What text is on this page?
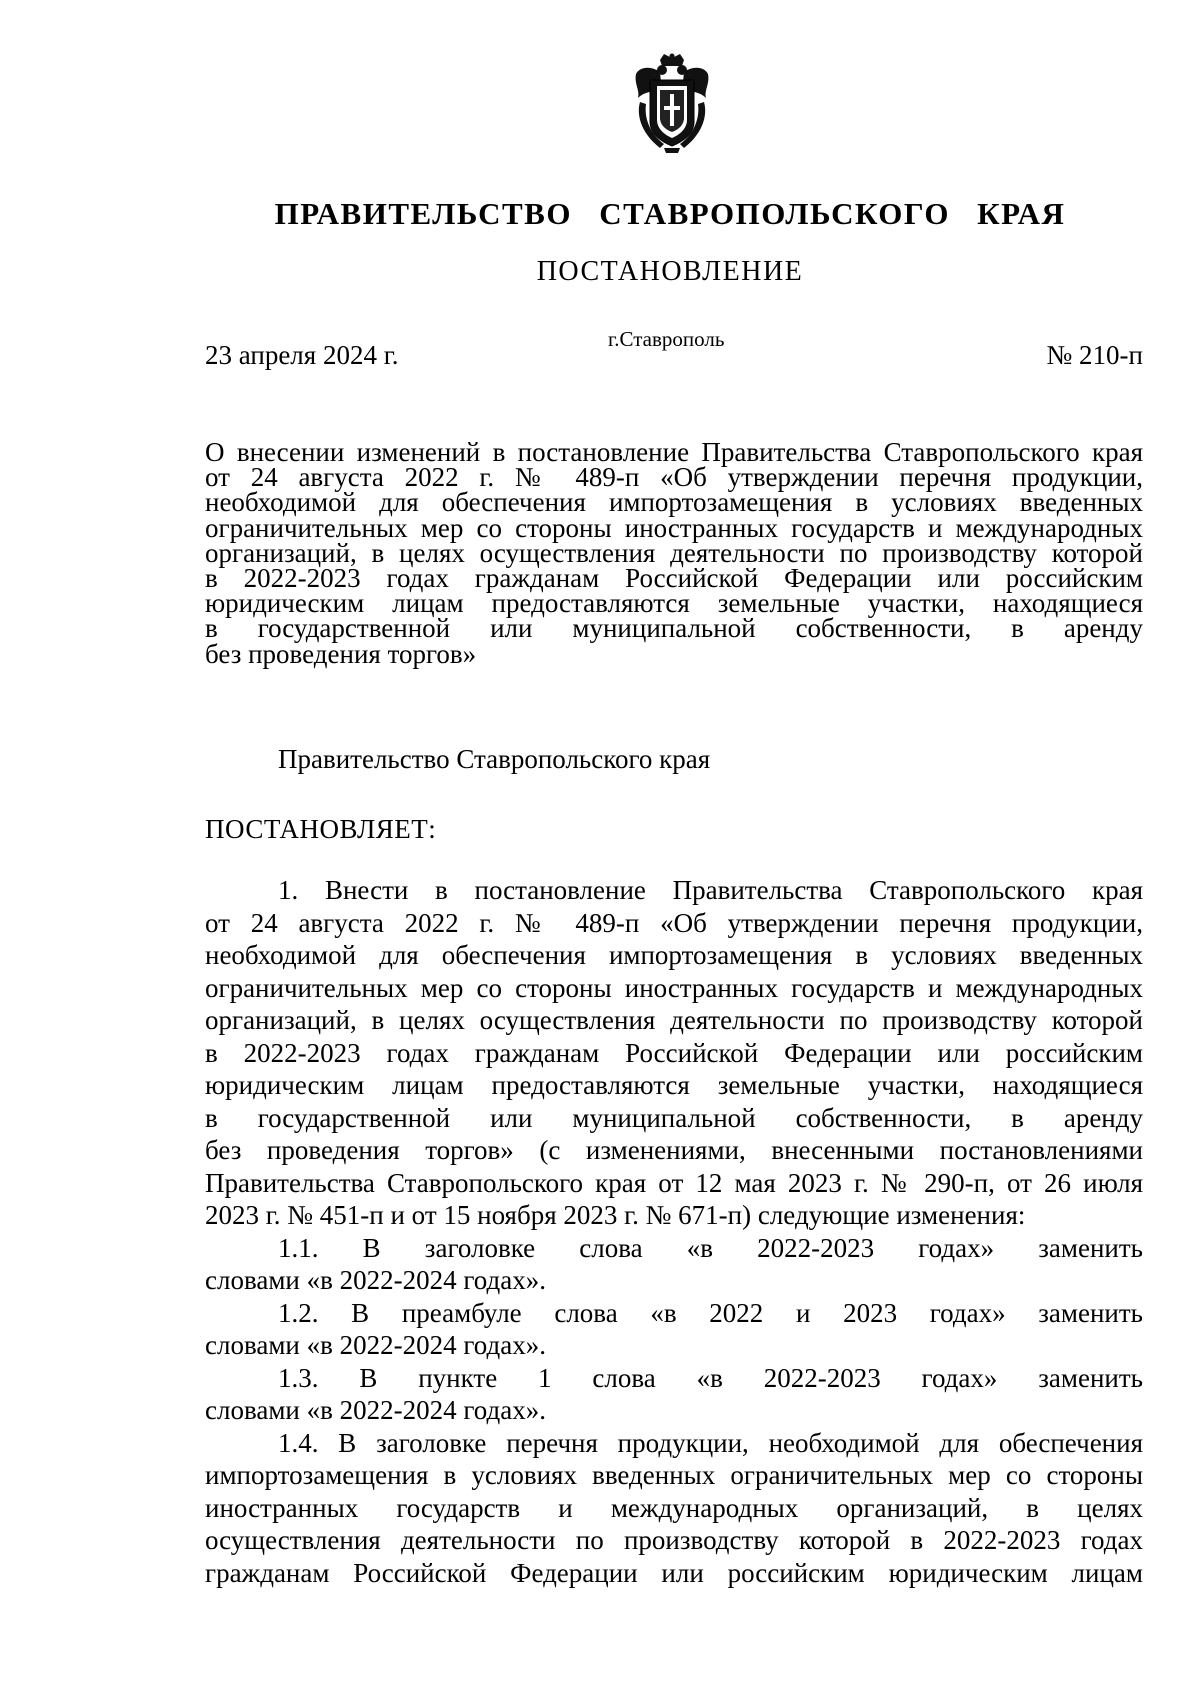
ПРАВИТЕЛЬСТВО СТАВРОПОЛЬСКОГО КРАЯ
ПОСТАНОВЛЕНИЕ
г.Ставрополь
23 апреля 2024 г.	№ 210-п
О внесении изменений в постановление Правительства Ставропольского края
от 24 августа 2022 г. № 489-п «Об утверждении перечня продукции,
необходимой для обеспечения импортозамещения в условиях введенных
ограничительных мер со стороны иностранных государств и международных
организаций, в целях осуществления деятельности по производству которой
в 2022-2023 годах гражданам Российской Федерации или российским
юридическим лицам предоставляются земельные участки, находящиеся
в государственной или муниципальной собственности, в аренду
без проведения торгов»
Правительство Ставропольского края
ПОСТАНОВЛЯЕТ:
1. Внести в постановление Правительства Ставропольского края
от 24 августа 2022 г. № 489-п «Об утверждении перечня продукции,
необходимой для обеспечения импортозамещения в условиях введенных
ограничительных мер со стороны иностранных государств и международных
организаций, в целях осуществления деятельности по производству которой
в 2022-2023 годах гражданам Российской Федерации или российским
юридическим лицам предоставляются земельные участки, находящиеся
в государственной или муниципальной собственности, в аренду
без проведения торгов» (с изменениями, внесенными постановлениями
Правительства Ставропольского края от 12 мая 2023 г. № 290-п, от 26 июля
2023 г. № 451-п и от 15 ноября 2023 г. № 671-п) следующие изменения:
1.1. В заголовке слова «в 2022-2023 годах» заменить
словами «в 2022-2024 годах».
1.2. В преамбуле слова «в 2022 и 2023 годах» заменить
словами «в 2022-2024 годах».
1.3. В пункте 1 слова «в 2022-2023 годах» заменить
словами «в 2022-2024 годах».
1.4. В заголовке перечня продукции, необходимой для обеспечения
импортозамещения в условиях введенных ограничительных мер со стороны
иностранных государств и международных организаций, в целях
осуществления деятельности по производству которой в 2022-2023 годах
гражданам Российской Федерации или российским юридическим лицам
